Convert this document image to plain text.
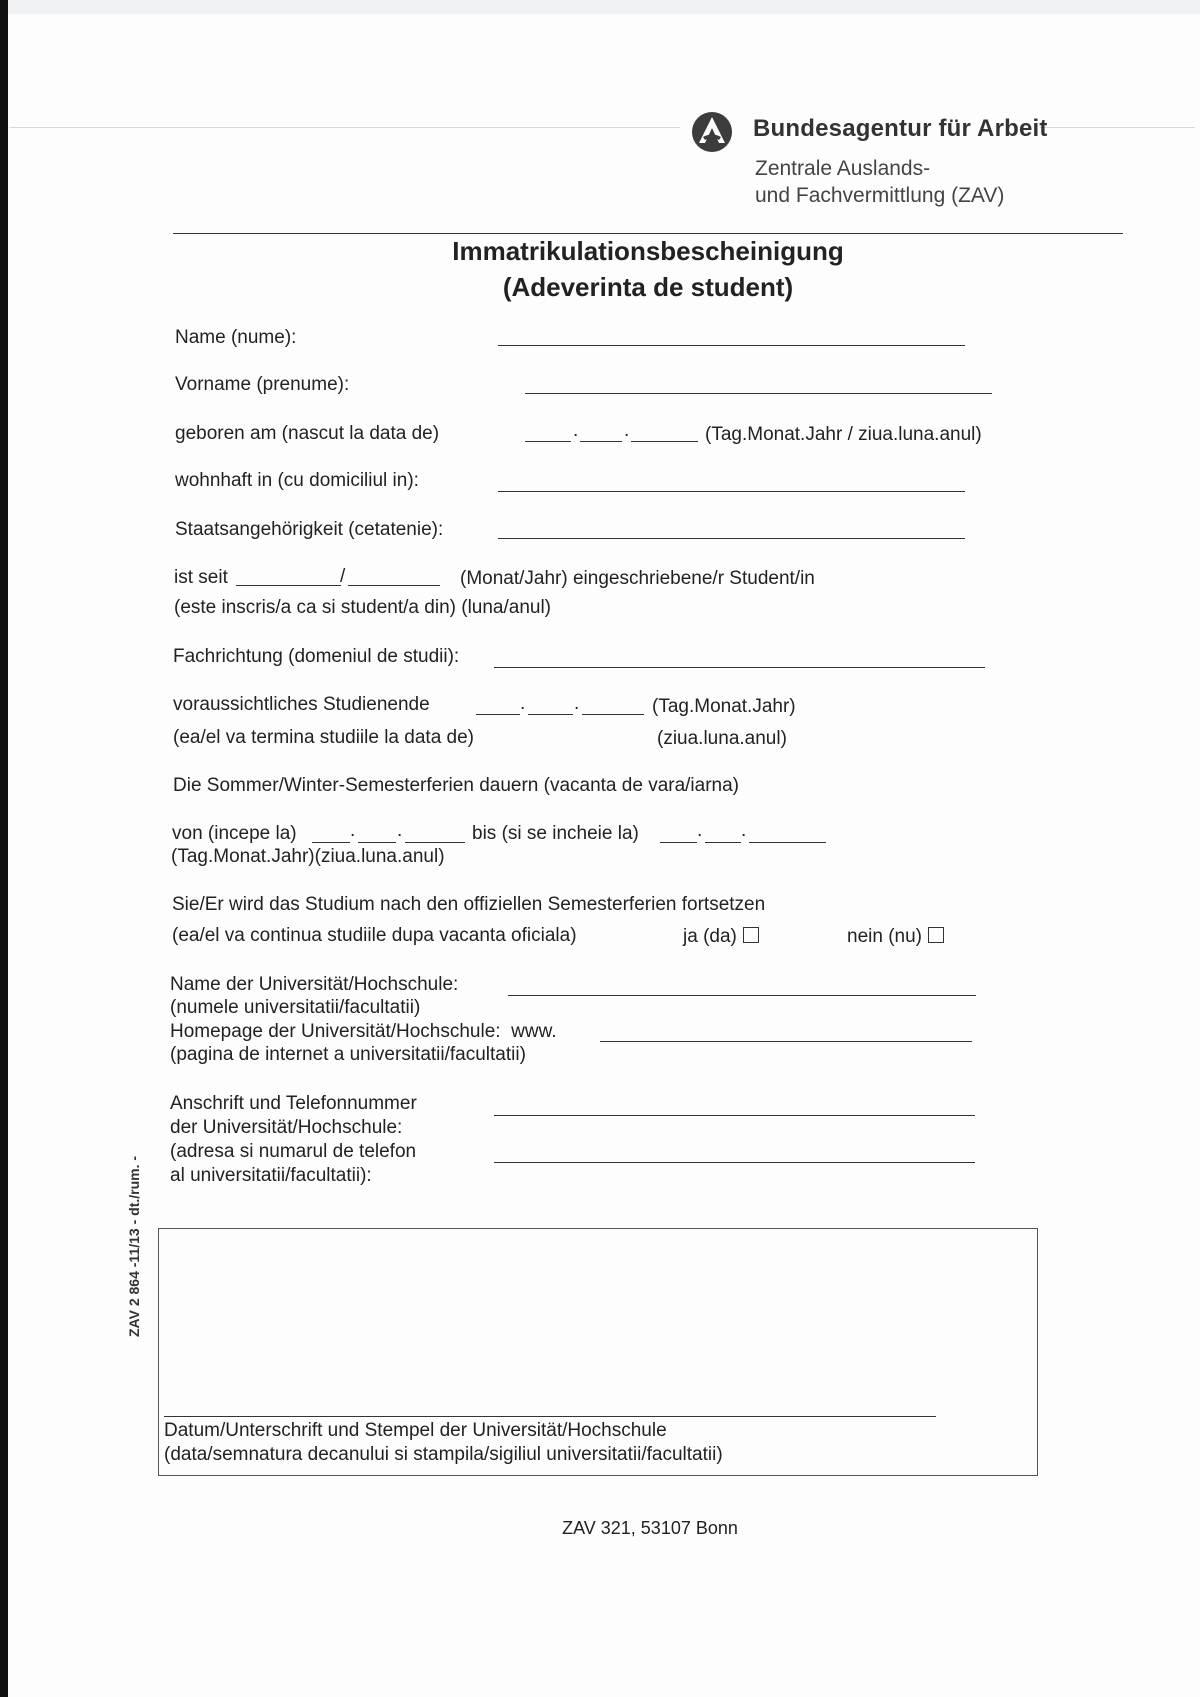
Bundesagentur für Arbeit
Zentrale Auslands-
und Fachvermittlung (ZAV)
Immatrikulationsbescheinigung
(Adeverinta de student)
Name (nume):
Vorname (prenume):
geboren am (nascut la data de)	. .	(Tag.Monat.Jahr / ziua.luna.anul)
wohnhaft in (cu domiciliul in):
Staatsangehörigkeit (cetatenie):
ist seit	/	(Monat/Jahr) eingeschriebene/r Student/in
(este inscris/a ca si student/a din) (luna/anul)
Fachrichtung (domeniul de studii):
voraussichtliches Studienende	.	.	(Tag.Monat.Jahr)
(ea/el va termina studiile la data de)	(ziua.luna.anul)
Die Sommer/Winter-Semesterferien dauern (vacanta de vara/iarna)
von (incepe la)	. .	bis (si se incheie la)	. .
(Tag.Monat.Jahr)(ziua.luna.anul)
Sie/Er wird das Studium nach den offiziellen Semesterferien fortsetzen
(ea/el va continua studiile dupa vacanta oficiala)	ja (da)	nein (nu)
Name der Universität/Hochschule:
(numele universitatii/facultatii)
Homepage der Universität/Hochschule: www.
(pagina de internet a universitatii/facultatii)
Anschrift und Telefonnummer
der Universität/Hochschule:
(adresa si numarul de telefon
al universitatii/facultatii):
Datum/Unterschrift und Stempel der Universität/Hochschule
(data/semnatura decanului si stampila/sigiliul universitatii/facultatii)
ZAV 321, 53107 Bonn
ZAV 2 864 -11/13 - dt./rum. -
